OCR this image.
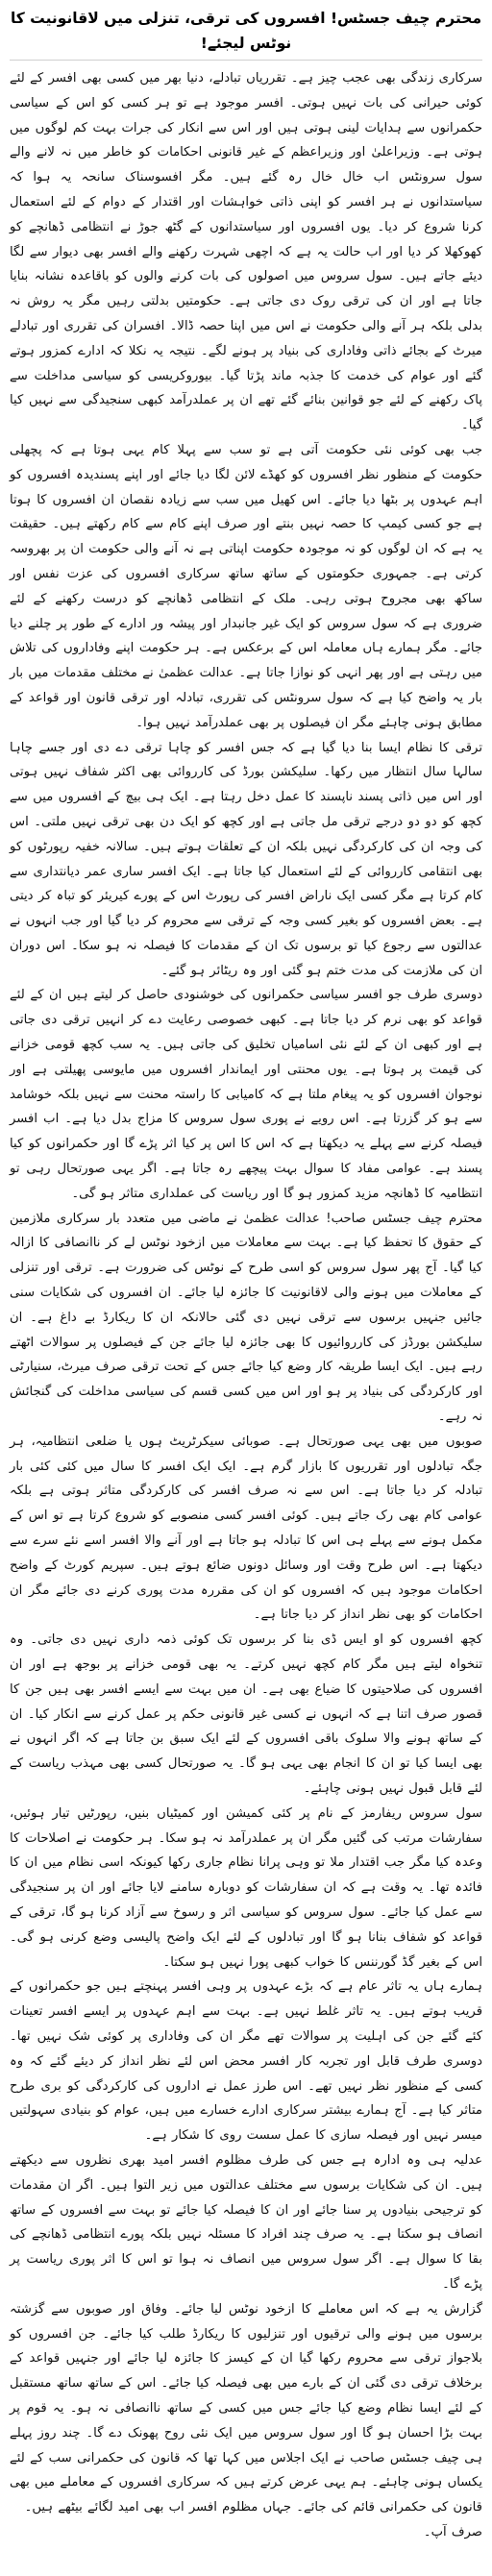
محترم چیف جسٹس! افسروں کی ترقی، تنزلی میں لاقانونیت کا نوٹس لیجئے!

سرکاری زندگی بھی عجب چیز ہے۔ تقرریاں تبادلے، دنیا بھر میں کسی بھی افسر کے لئے کوئی حیرانی کی بات نہیں ہوتی۔ افسر موجود ہے تو ہر کسی کو اس کے سیاسی حکمرانوں سے ہدایات لینی ہوتی ہیں اور اس سے انکار کی جرات بہت کم لوگوں میں ہوتی ہے۔ وزیراعلیٰ اور وزیراعظم کے غیر قانونی احکامات کو خاطر میں نہ لانے والے سول سرونٹس اب خال خال رہ گئے ہیں۔ مگر افسوسناک سانحہ یہ ہوا کہ سیاستدانوں نے ہر افسر کو اپنی ذاتی خواہشات اور اقتدار کے دوام کے لئے استعمال کرنا شروع کر دیا۔ یوں افسروں اور سیاستدانوں کے گٹھ جوڑ نے انتظامی ڈھانچے کو کھوکھلا کر دیا اور اب حالت یہ ہے کہ اچھی شہرت رکھنے والے افسر بھی دیوار سے لگا دیئے جاتے ہیں۔ سول سروس میں اصولوں کی بات کرنے والوں کو باقاعدہ نشانہ بنایا جاتا ہے اور ان کی ترقی روک دی جاتی ہے۔ حکومتیں بدلتی رہیں مگر یہ روش نہ بدلی بلکہ ہر آنے والی حکومت نے اس میں اپنا حصہ ڈالا۔ افسران کی تقرری اور تبادلے میرٹ کے بجائے ذاتی وفاداری کی بنیاد پر ہونے لگے۔ نتیجہ یہ نکلا کہ ادارے کمزور ہوتے گئے اور عوام کی خدمت کا جذبہ ماند پڑتا گیا۔ بیوروکریسی کو سیاسی مداخلت سے پاک رکھنے کے لئے جو قوانین بنائے گئے تھے ان پر عملدرآمد کبھی سنجیدگی سے نہیں کیا گیا۔

جب بھی کوئی نئی حکومت آتی ہے تو سب سے پہلا کام یہی ہوتا ہے کہ پچھلی حکومت کے منظور نظر افسروں کو کھڈے لائن لگا دیا جائے اور اپنے پسندیدہ افسروں کو اہم عہدوں پر بٹھا دیا جائے۔ اس کھیل میں سب سے زیادہ نقصان ان افسروں کا ہوتا ہے جو کسی کیمپ کا حصہ نہیں بنتے اور صرف اپنے کام سے کام رکھتے ہیں۔ حقیقت یہ ہے کہ ان لوگوں کو نہ موجودہ حکومت اپناتی ہے نہ آنے والی حکومت ان پر بھروسہ کرتی ہے۔ جمہوری حکومتوں کے ساتھ ساتھ سرکاری افسروں کی عزت نفس اور ساکھ بھی مجروح ہوتی رہی۔ ملک کے انتظامی ڈھانچے کو درست رکھنے کے لئے ضروری ہے کہ سول سروس کو ایک غیر جانبدار اور پیشہ ور ادارے کے طور پر چلنے دیا جائے۔ مگر ہمارے ہاں معاملہ اس کے برعکس ہے۔ ہر حکومت اپنے وفاداروں کی تلاش میں رہتی ہے اور پھر انہی کو نوازا جاتا ہے۔ عدالت عظمیٰ نے مختلف مقدمات میں بار بار یہ واضح کیا ہے کہ سول سرونٹس کی تقرری، تبادلہ اور ترقی قانون اور قواعد کے مطابق ہونی چاہئے مگر ان فیصلوں پر بھی عملدرآمد نہیں ہوا۔

ترقی کا نظام ایسا بنا دیا گیا ہے کہ جس افسر کو چاہا ترقی دے دی اور جسے چاہا سالہا سال انتظار میں رکھا۔ سلیکشن بورڈ کی کارروائی بھی اکثر شفاف نہیں ہوتی اور اس میں ذاتی پسند ناپسند کا عمل دخل رہتا ہے۔ ایک ہی بیچ کے افسروں میں سے کچھ کو دو دو درجے ترقی مل جاتی ہے اور کچھ کو ایک دن بھی ترقی نہیں ملتی۔ اس کی وجہ ان کی کارکردگی نہیں بلکہ ان کے تعلقات ہوتے ہیں۔ سالانہ خفیہ رپورٹوں کو بھی انتقامی کارروائی کے لئے استعمال کیا جاتا ہے۔ ایک افسر ساری عمر دیانتداری سے کام کرتا ہے مگر کسی ایک ناراض افسر کی رپورٹ اس کے پورے کیریئر کو تباہ کر دیتی ہے۔ بعض افسروں کو بغیر کسی وجہ کے ترقی سے محروم کر دیا گیا اور جب انہوں نے عدالتوں سے رجوع کیا تو برسوں تک ان کے مقدمات کا فیصلہ نہ ہو سکا۔ اس دوران ان کی ملازمت کی مدت ختم ہو گئی اور وہ ریٹائر ہو گئے۔

دوسری طرف جو افسر سیاسی حکمرانوں کی خوشنودی حاصل کر لیتے ہیں ان کے لئے قواعد کو بھی نرم کر دیا جاتا ہے۔ کبھی خصوصی رعایت دے کر انہیں ترقی دی جاتی ہے اور کبھی ان کے لئے نئی اسامیاں تخلیق کی جاتی ہیں۔ یہ سب کچھ قومی خزانے کی قیمت پر ہوتا ہے۔ یوں محنتی اور ایماندار افسروں میں مایوسی پھیلتی ہے اور نوجوان افسروں کو یہ پیغام ملتا ہے کہ کامیابی کا راستہ محنت سے نہیں بلکہ خوشامد سے ہو کر گزرتا ہے۔ اس رویے نے پوری سول سروس کا مزاج بدل دیا ہے۔ اب افسر فیصلہ کرنے سے پہلے یہ دیکھتا ہے کہ اس کا اس پر کیا اثر پڑے گا اور حکمرانوں کو کیا پسند ہے۔ عوامی مفاد کا سوال بہت پیچھے رہ جاتا ہے۔ اگر یہی صورتحال رہی تو انتظامیہ کا ڈھانچہ مزید کمزور ہو گا اور ریاست کی عملداری متاثر ہو گی۔

محترم چیف جسٹس صاحب! عدالت عظمیٰ نے ماضی میں متعدد بار سرکاری ملازمین کے حقوق کا تحفظ کیا ہے۔ بہت سے معاملات میں ازخود نوٹس لے کر ناانصافی کا ازالہ کیا گیا۔ آج پھر سول سروس کو اسی طرح کے نوٹس کی ضرورت ہے۔ ترقی اور تنزلی کے معاملات میں ہونے والی لاقانونیت کا جائزہ لیا جائے۔ ان افسروں کی شکایات سنی جائیں جنہیں برسوں سے ترقی نہیں دی گئی حالانکہ ان کا ریکارڈ بے داغ ہے۔ ان سلیکشن بورڈز کی کارروائیوں کا بھی جائزہ لیا جائے جن کے فیصلوں پر سوالات اٹھتے رہے ہیں۔ ایک ایسا طریقہ کار وضع کیا جائے جس کے تحت ترقی صرف میرٹ، سنیارٹی اور کارکردگی کی بنیاد پر ہو اور اس میں کسی قسم کی سیاسی مداخلت کی گنجائش نہ رہے۔

صوبوں میں بھی یہی صورتحال ہے۔ صوبائی سیکرٹریٹ ہوں یا ضلعی انتظامیہ، ہر جگہ تبادلوں اور تقرریوں کا بازار گرم ہے۔ ایک ایک افسر کا سال میں کئی کئی بار تبادلہ کر دیا جاتا ہے۔ اس سے نہ صرف افسر کی کارکردگی متاثر ہوتی ہے بلکہ عوامی کام بھی رک جاتے ہیں۔ کوئی افسر کسی منصوبے کو شروع کرتا ہے تو اس کے مکمل ہونے سے پہلے ہی اس کا تبادلہ ہو جاتا ہے اور آنے والا افسر اسے نئے سرے سے دیکھتا ہے۔ اس طرح وقت اور وسائل دونوں ضائع ہوتے ہیں۔ سپریم کورٹ کے واضح احکامات موجود ہیں کہ افسروں کو ان کی مقررہ مدت پوری کرنے دی جائے مگر ان احکامات کو بھی نظر انداز کر دیا جاتا ہے۔

کچھ افسروں کو او ایس ڈی بنا کر برسوں تک کوئی ذمہ داری نہیں دی جاتی۔ وہ تنخواہ لیتے ہیں مگر کام کچھ نہیں کرتے۔ یہ بھی قومی خزانے پر بوجھ ہے اور ان افسروں کی صلاحیتوں کا ضیاع بھی ہے۔ ان میں بہت سے ایسے افسر بھی ہیں جن کا قصور صرف اتنا ہے کہ انہوں نے کسی غیر قانونی حکم پر عمل کرنے سے انکار کیا۔ ان کے ساتھ ہونے والا سلوک باقی افسروں کے لئے ایک سبق بن جاتا ہے کہ اگر انہوں نے بھی ایسا کیا تو ان کا انجام بھی یہی ہو گا۔ یہ صورتحال کسی بھی مہذب ریاست کے لئے قابل قبول نہیں ہونی چاہئے۔

سول سروس ریفارمز کے نام پر کئی کمیشن اور کمیٹیاں بنیں، رپورٹیں تیار ہوئیں، سفارشات مرتب کی گئیں مگر ان پر عملدرآمد نہ ہو سکا۔ ہر حکومت نے اصلاحات کا وعدہ کیا مگر جب اقتدار ملا تو وہی پرانا نظام جاری رکھا کیونکہ اسی نظام میں ان کا فائدہ تھا۔ یہ وقت ہے کہ ان سفارشات کو دوبارہ سامنے لایا جائے اور ان پر سنجیدگی سے عمل کیا جائے۔ سول سروس کو سیاسی اثر و رسوخ سے آزاد کرنا ہو گا، ترقی کے قواعد کو شفاف بنانا ہو گا اور تبادلوں کے لئے ایک واضح پالیسی وضع کرنی ہو گی۔ اس کے بغیر گڈ گورننس کا خواب کبھی پورا نہیں ہو سکتا۔

ہمارے ہاں یہ تاثر عام ہے کہ بڑے عہدوں پر وہی افسر پہنچتے ہیں جو حکمرانوں کے قریب ہوتے ہیں۔ یہ تاثر غلط نہیں ہے۔ بہت سے اہم عہدوں پر ایسے افسر تعینات کئے گئے جن کی اہلیت پر سوالات تھے مگر ان کی وفاداری پر کوئی شک نہیں تھا۔ دوسری طرف قابل اور تجربہ کار افسر محض اس لئے نظر انداز کر دیئے گئے کہ وہ کسی کے منظور نظر نہیں تھے۔ اس طرز عمل نے اداروں کی کارکردگی کو بری طرح متاثر کیا ہے۔ آج ہمارے بیشتر سرکاری ادارے خسارے میں ہیں، عوام کو بنیادی سہولتیں میسر نہیں اور فیصلہ سازی کا عمل سست روی کا شکار ہے۔

عدلیہ ہی وہ ادارہ ہے جس کی طرف مظلوم افسر امید بھری نظروں سے دیکھتے ہیں۔ ان کی شکایات برسوں سے مختلف عدالتوں میں زیر التوا ہیں۔ اگر ان مقدمات کو ترجیحی بنیادوں پر سنا جائے اور ان کا فیصلہ کیا جائے تو بہت سے افسروں کے ساتھ انصاف ہو سکتا ہے۔ یہ صرف چند افراد کا مسئلہ نہیں بلکہ پورے انتظامی ڈھانچے کی بقا کا سوال ہے۔ اگر سول سروس میں انصاف نہ ہوا تو اس کا اثر پوری ریاست پر پڑے گا۔

گزارش یہ ہے کہ اس معاملے کا ازخود نوٹس لیا جائے۔ وفاق اور صوبوں سے گزشتہ برسوں میں ہونے والی ترقیوں اور تنزلیوں کا ریکارڈ طلب کیا جائے۔ جن افسروں کو بلاجواز ترقی سے محروم رکھا گیا ان کے کیسز کا جائزہ لیا جائے اور جنہیں قواعد کے برخلاف ترقی دی گئی ان کے بارے میں بھی فیصلہ کیا جائے۔ اس کے ساتھ ساتھ مستقبل کے لئے ایسا نظام وضع کیا جائے جس میں کسی کے ساتھ ناانصافی نہ ہو۔ یہ قوم پر بہت بڑا احسان ہو گا اور سول سروس میں ایک نئی روح پھونک دے گا۔ چند روز پہلے ہی چیف جسٹس صاحب نے ایک اجلاس میں کہا تھا کہ قانون کی حکمرانی سب کے لئے یکساں ہونی چاہئے۔ ہم یہی عرض کرتے ہیں کہ سرکاری افسروں کے معاملے میں بھی قانون کی حکمرانی قائم کی جائے۔ جہاں مظلوم افسر اب بھی امید لگائے بیٹھے ہیں۔

صرف آپ۔
